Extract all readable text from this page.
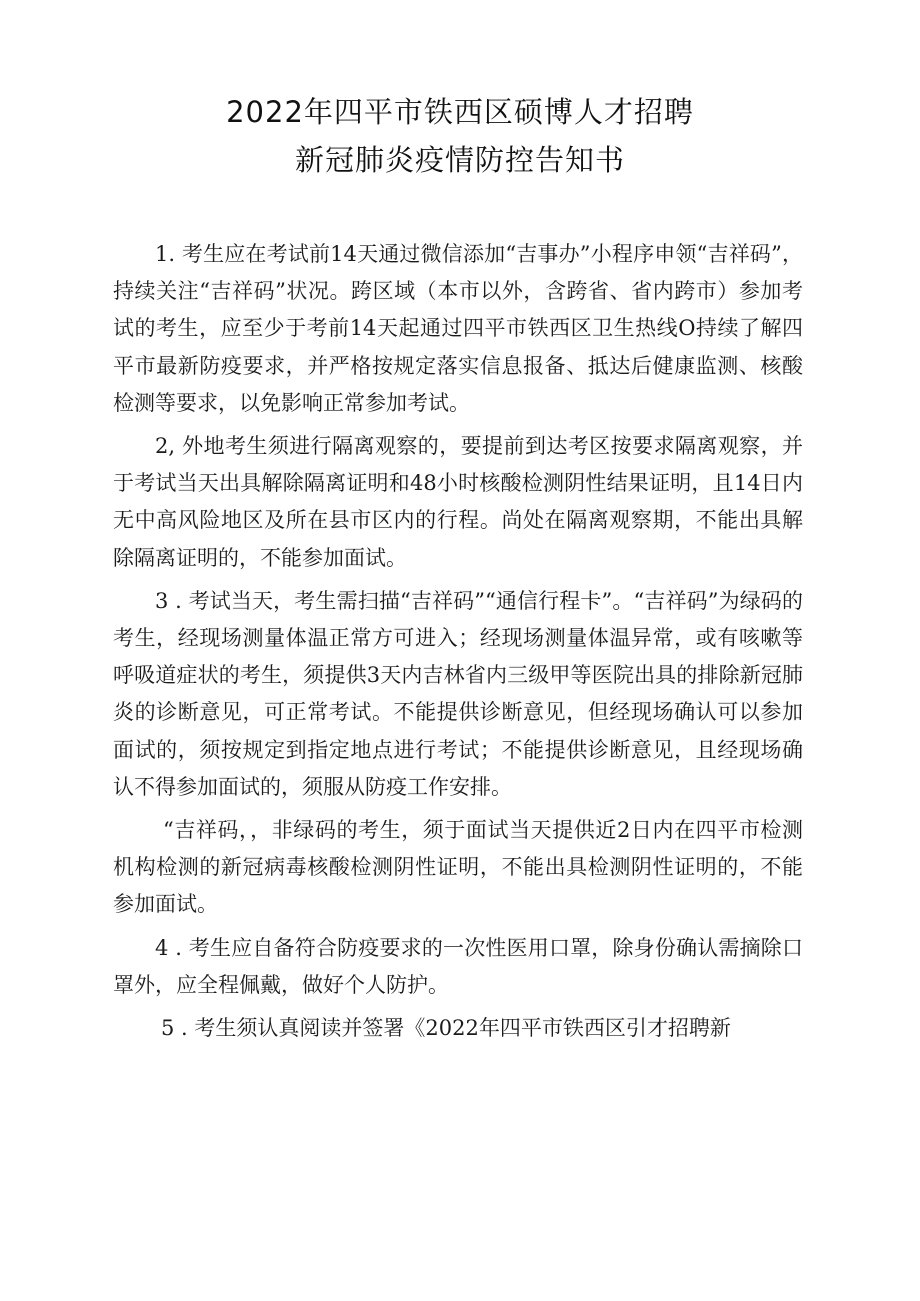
2022年四平市铁西区硕博人才招聘

新冠肺炎疫情防控告知书

1. 考生应在考试前14天通过微信添加“吉事办”小程序申领“吉祥码”，持续关注“吉祥码”状况。跨区域（本市以外，含跨省、省内跨市）参加考试的考生，应至少于考前14天起通过四平市铁西区卫生热线O持续了解四平市最新防疫要求，并严格按规定落实信息报备、抵达后健康监测、核酸检测等要求，以免影响正常参加考试。

2, 外地考生须进行隔离观察的，要提前到达考区按要求隔离观察，并于考试当天出具解除隔离证明和48小时核酸检测阴性结果证明，且14日内无中高风险地区及所在县市区内的行程。尚处在隔离观察期，不能出具解除隔离证明的，不能参加面试。

3 . 考试当天，考生需扫描“吉祥码”“通信行程卡”。“吉祥码”为绿码的考生，经现场测量体温正常方可进入；经现场测量体温异常，或有咳嗽等呼吸道症状的考生，须提供3天内吉林省内三级甲等医院出具的排除新冠肺炎的诊断意见，可正常考试。不能提供诊断意见，但经现场确认可以参加面试的，须按规定到指定地点进行考试；不能提供诊断意见，且经现场确认不得参加面试的，须服从防疫工作安排。

“吉祥码，，非绿码的考生，须于面试当天提供近2日内在四平市检测机构检测的新冠病毒核酸检测阴性证明，不能出具检测阴性证明的，不能参加面试。

4 . 考生应自备符合防疫要求的一次性医用口罩，除身份确认需摘除口罩外，应全程佩戴，做好个人防护。

5 . 考生须认真阅读并签署《2022年四平市铁西区引才招聘新
